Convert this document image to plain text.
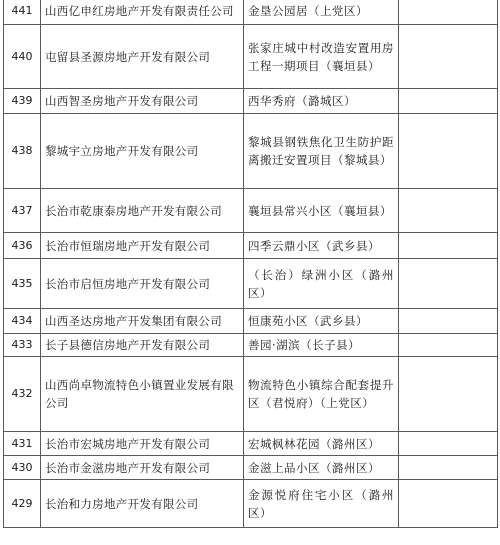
441	山西亿申红房地产开发有限责任公司	金垦公园居（上党区）	
440	屯留县圣源房地产开发有限公司	张家庄城中村改造安置用房工程一期项目（襄垣县）	
439	山西智圣房地产开发有限公司	西华秀府（潞城区）	
438	黎城宇立房地产开发有限公司	黎城县钢铁焦化卫生防护距离搬迁安置项目（黎城县）	
437	长治市乾康泰房地产开发有限公司	襄垣县常兴小区（襄垣县）	
436	长治市恒瑞房地产开发有限公司	四季云鼎小区（武乡县）	
435	长治市启恒房地产开发有限公司	（长治）绿洲小区（潞州区）	
434	山西圣达房地产开发集团有限公司	恒康苑小区（武乡县）	
433	长子县德信房地产开发有限公司	善园·湖滨（长子县）	
432	山西尚卓物流特色小镇置业发展有限公司	物流特色小镇综合配套提升区（君悦府）（上党区）	
431	长治市宏城房地产开发有限公司	宏城枫林花园（潞州区）	
430	长治市金滋房地产开发有限公司	金滋上品小区（潞州区）	
429	长治和力房地产开发有限公司	金源悦府住宅小区（潞州区）	
